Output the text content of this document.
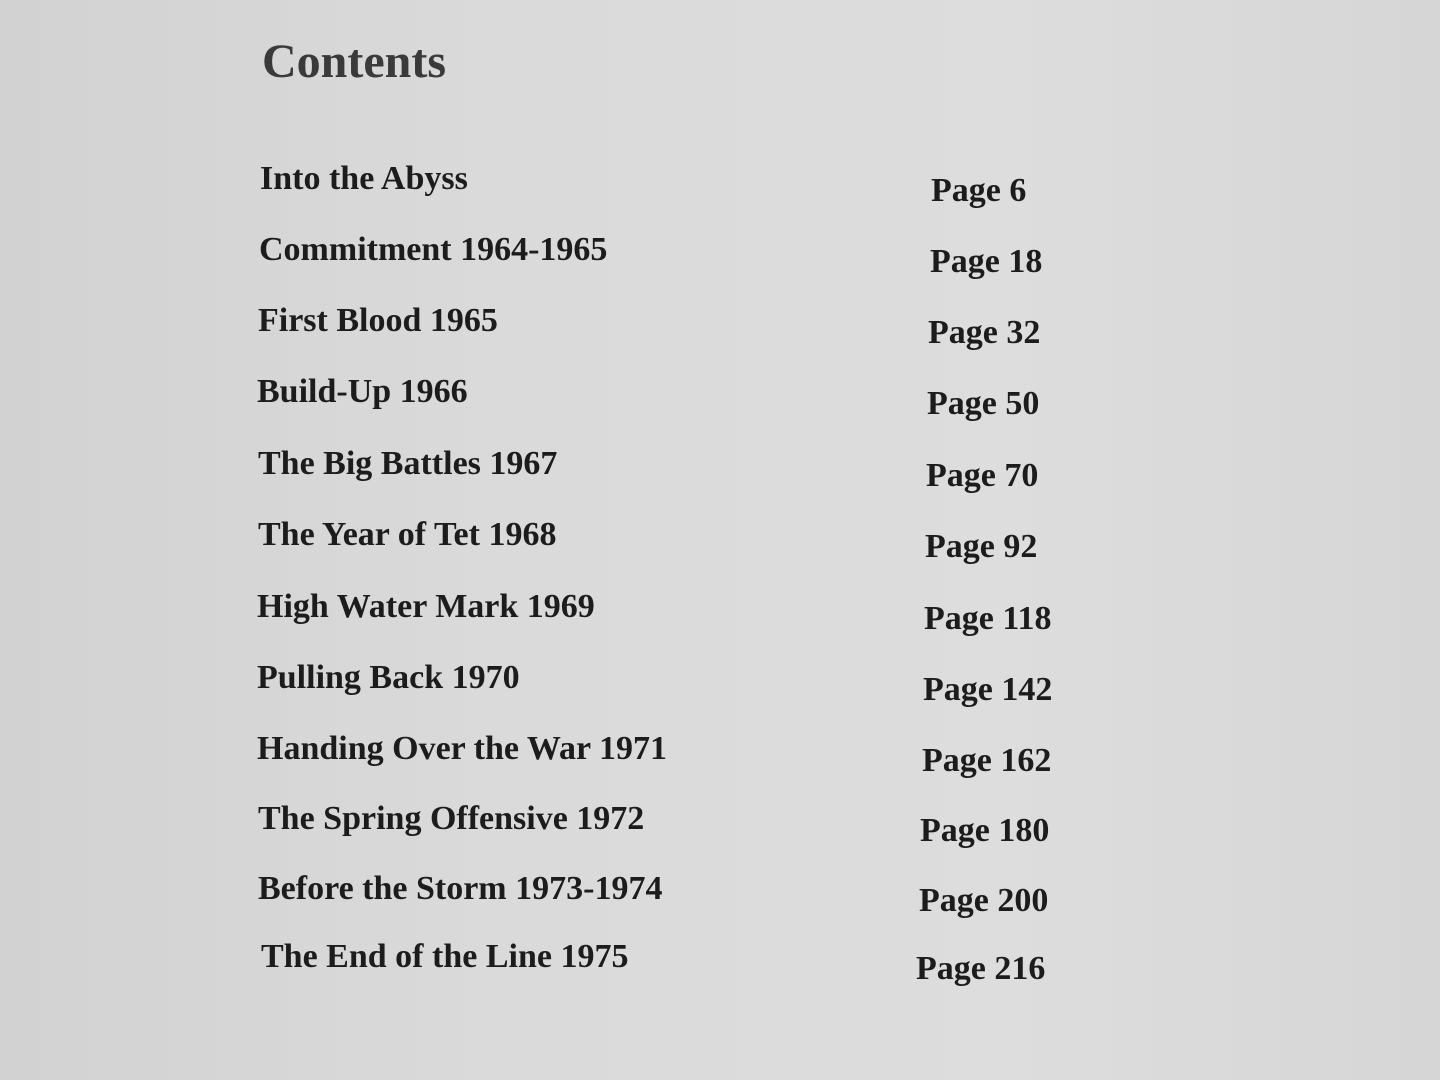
Contents
Into the Abyss	Page 6
Commitment 1964-1965	Page 18
First Blood 1965	Page 32
Build-Up 1966	Page 50
The Big Battles 1967	Page 70
The Year of Tet 1968	Page 92
High Water Mark 1969	Page 118
Pulling Back 1970	Page 142
Handing Over the War 1971	Page 162
The Spring Offensive 1972	Page 180
Before the Storm 1973-1974	Page 200
The End of the Line 1975	Page 216
